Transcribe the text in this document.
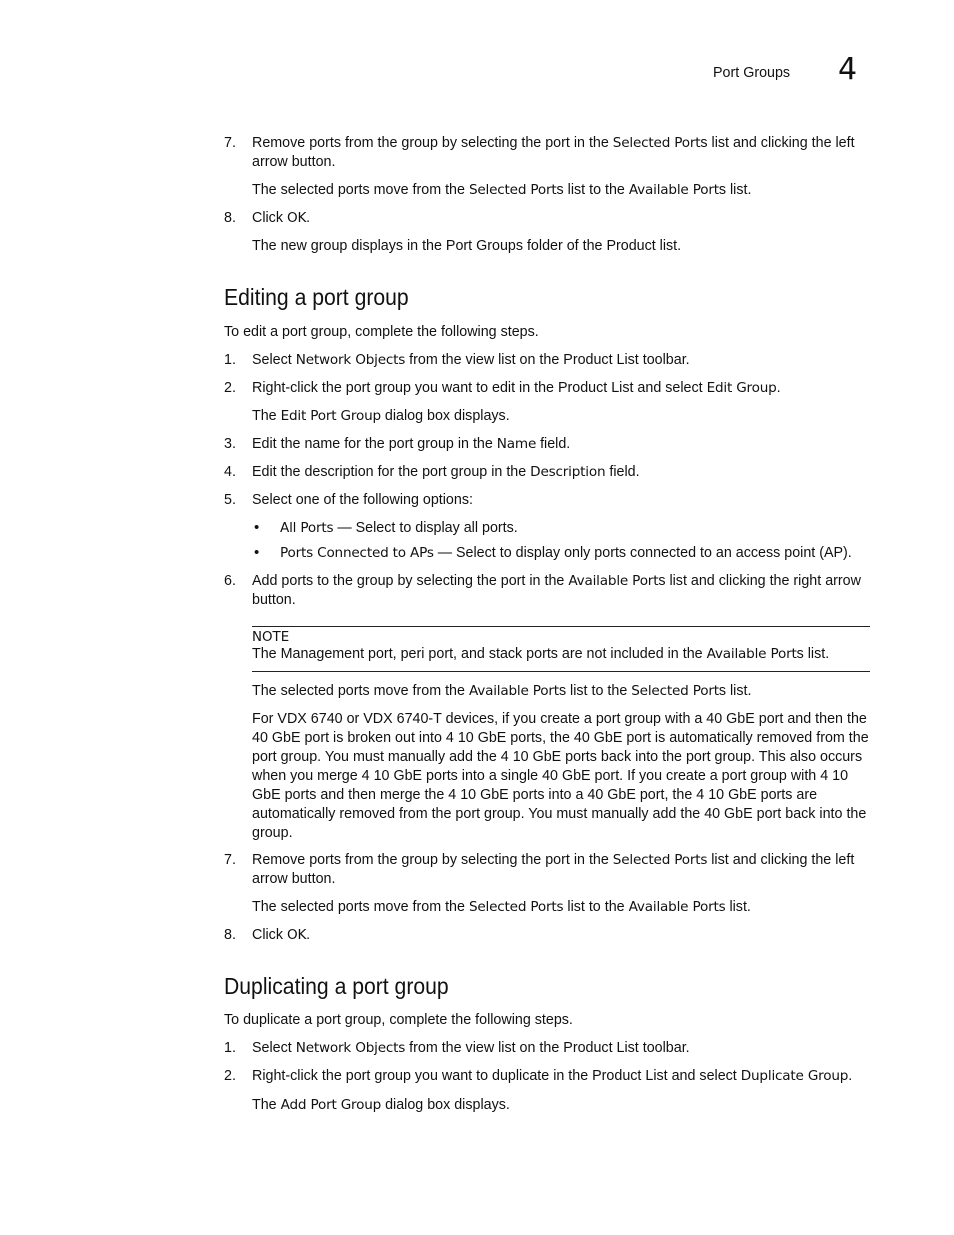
Port Groups 4
7. Remove ports from the group by selecting the port in the Selected Ports list and clicking the left arrow button.
The selected ports move from the Selected Ports list to the Available Ports list.
8. Click OK.
The new group displays in the Port Groups folder of the Product list.
Editing a port group
To edit a port group, complete the following steps.
1. Select Network Objects from the view list on the Product List toolbar.
2. Right-click the port group you want to edit in the Product List and select Edit Group.
The Edit Port Group dialog box displays.
3. Edit the name for the port group in the Name field.
4. Edit the description for the port group in the Description field.
5. Select one of the following options:
• All Ports — Select to display all ports.
• Ports Connected to APs — Select to display only ports connected to an access point (AP).
6. Add ports to the group by selecting the port in the Available Ports list and clicking the right arrow button.
NOTE
The Management port, peri port, and stack ports are not included in the Available Ports list.
The selected ports move from the Available Ports list to the Selected Ports list.
For VDX 6740 or VDX 6740-T devices, if you create a port group with a 40 GbE port and then the 40 GbE port is broken out into 4 10 GbE ports, the 40 GbE port is automatically removed from the port group. You must manually add the 4 10 GbE ports back into the port group. This also occurs when you merge 4 10 GbE ports into a single 40 GbE port. If you create a port group with 4 10 GbE ports and then merge the 4 10 GbE ports into a 40 GbE port, the 4 10 GbE ports are automatically removed from the port group. You must manually add the 40 GbE port back into the group.
7. Remove ports from the group by selecting the port in the Selected Ports list and clicking the left arrow button.
The selected ports move from the Selected Ports list to the Available Ports list.
8. Click OK.
Duplicating a port group
To duplicate a port group, complete the following steps.
1. Select Network Objects from the view list on the Product List toolbar.
2. Right-click the port group you want to duplicate in the Product List and select Duplicate Group.
The Add Port Group dialog box displays.
